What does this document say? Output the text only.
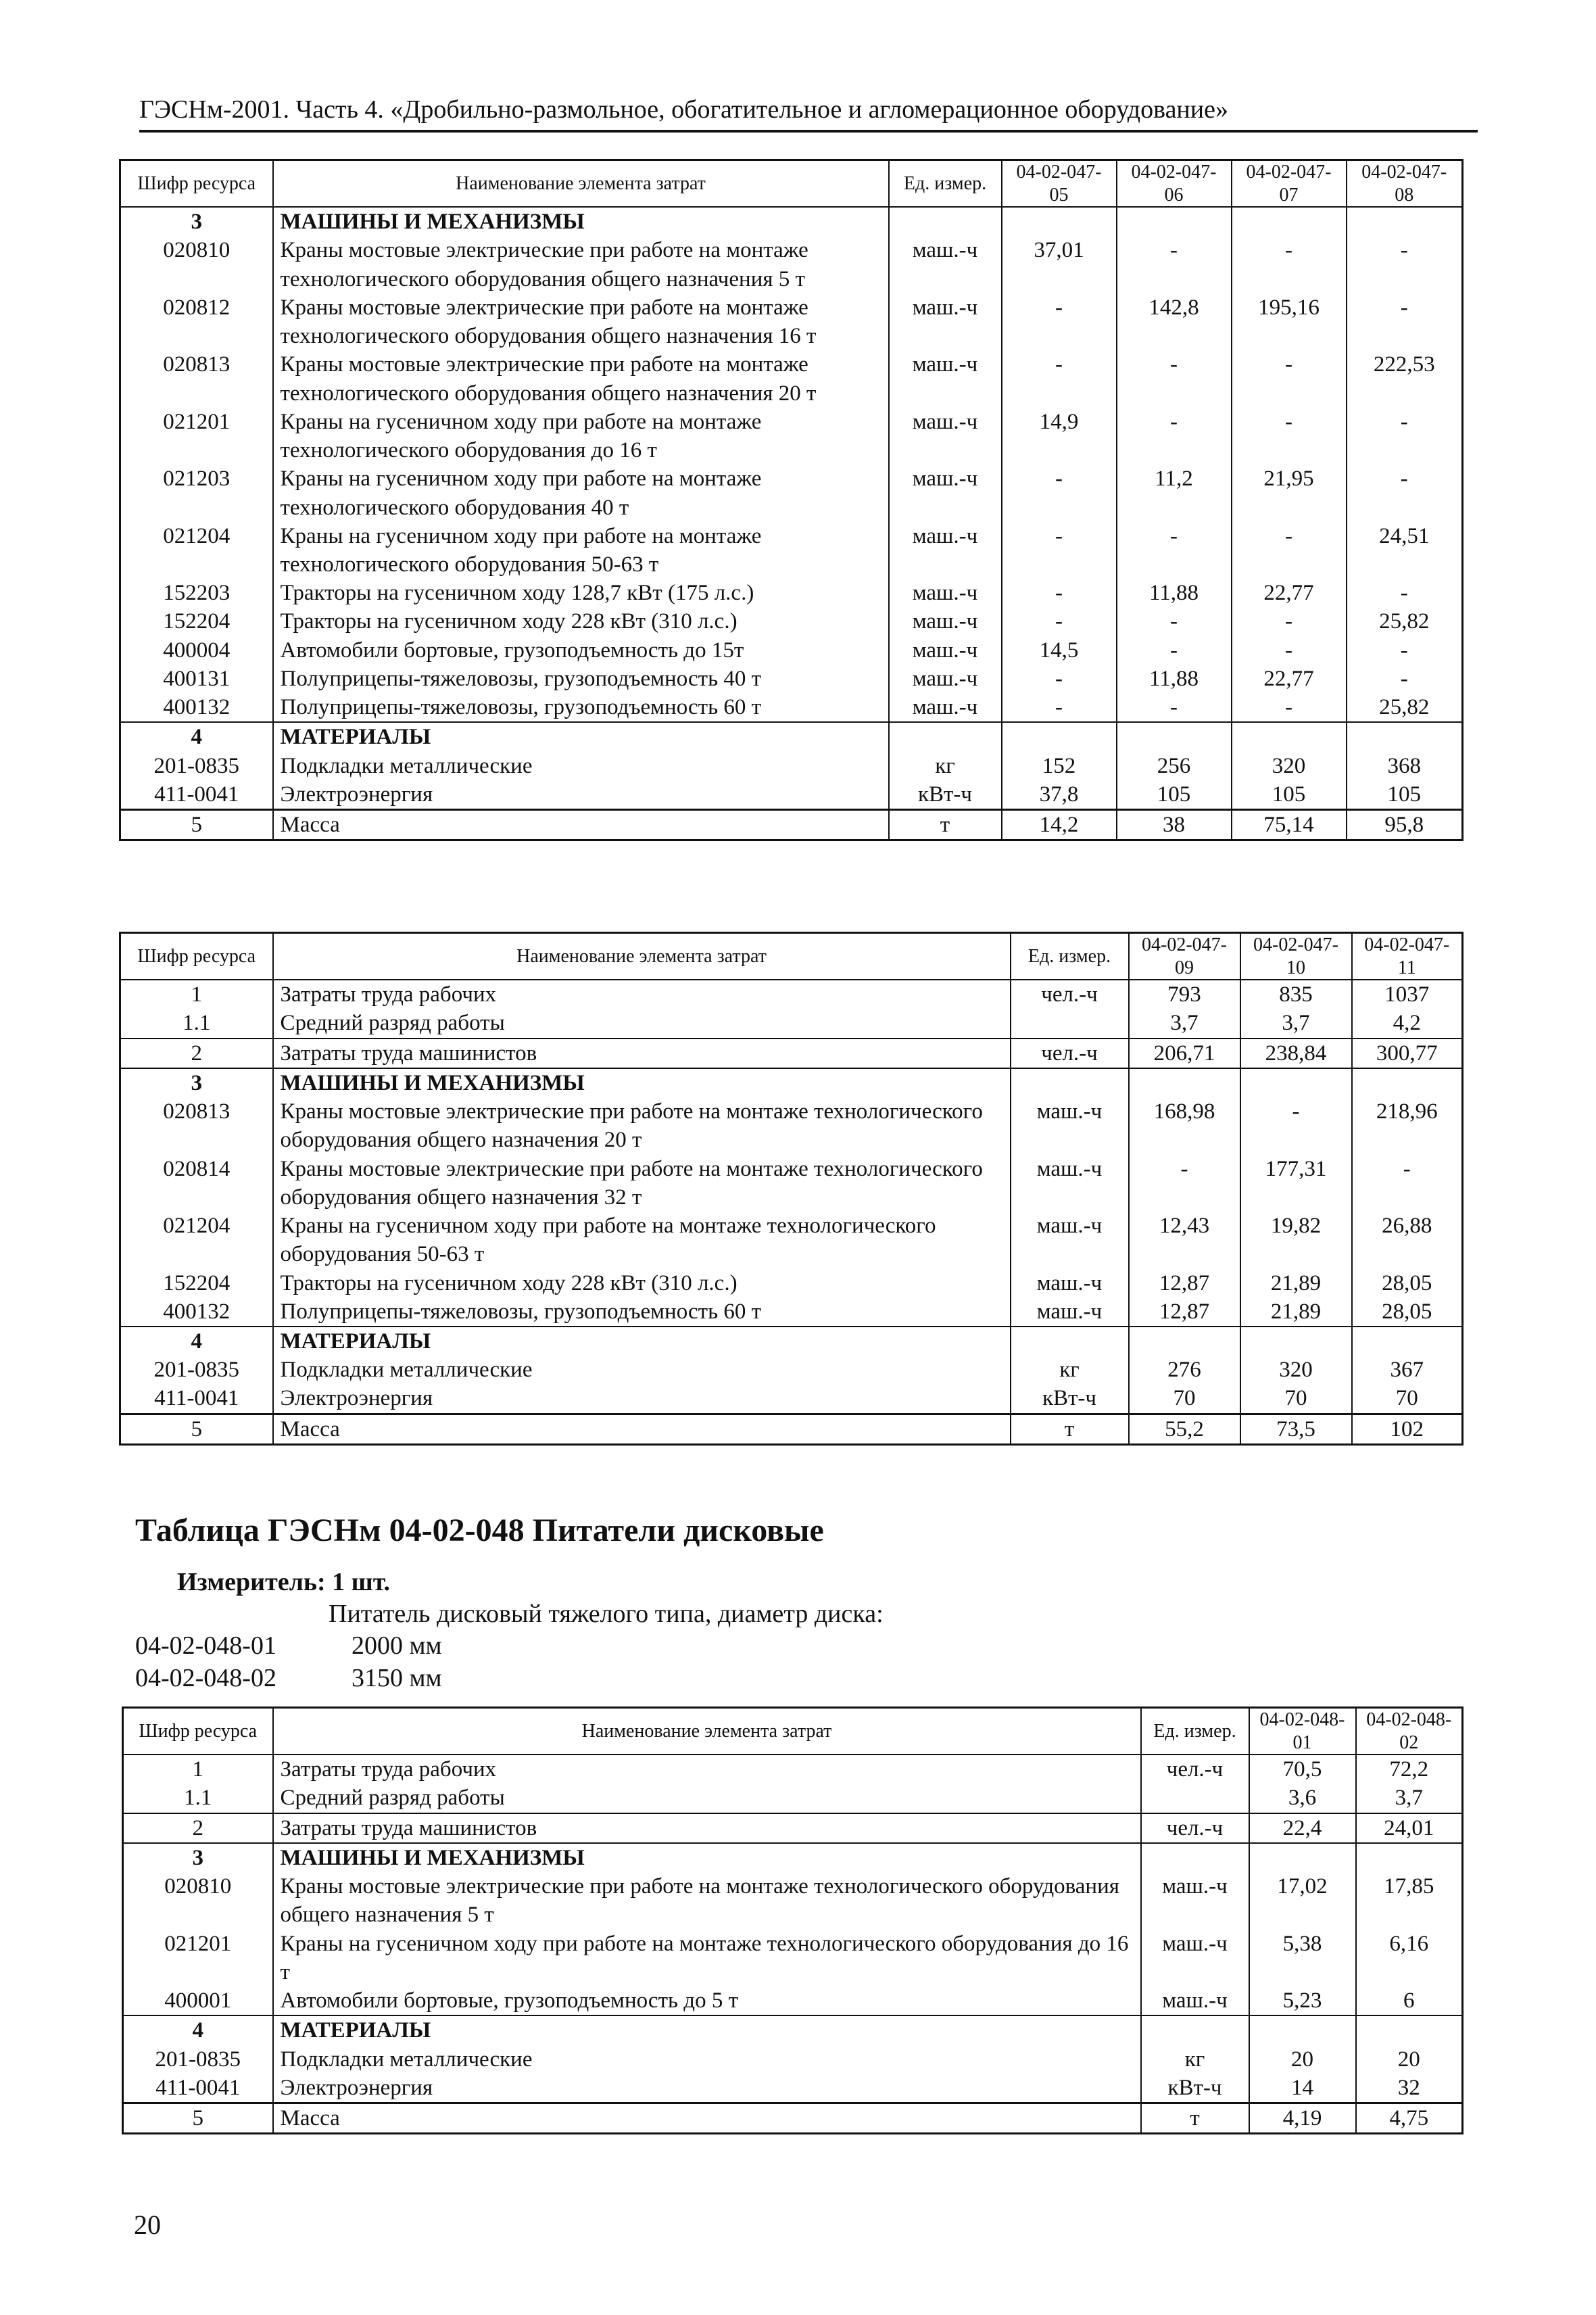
ГЭСНм-2001. Часть 4. «Дробильно-размольное, обогатительное и агломерационное оборудование»
Шифр ресурса	Наименование элемента затрат	Ед. измер.	04-02-047-05	04-02-047-06	04-02-047-07	04-02-047-08
3	МАШИНЫ И МЕХАНИЗМЫ					
020810	Краны мостовые электрические при работе на монтаже технологического оборудования общего назначения 5 т	маш.-ч	37,01	-	-	-
020812	Краны мостовые электрические при работе на монтаже технологического оборудования общего назначения 16 т	маш.-ч	-	142,8	195,16	-
020813	Краны мостовые электрические при работе на монтаже технологического оборудования общего назначения 20 т	маш.-ч	-	-	-	222,53
021201	Краны на гусеничном ходу при работе на монтаже технологического оборудования до 16 т	маш.-ч	14,9	-	-	-
021203	Краны на гусеничном ходу при работе на монтаже технологического оборудования 40 т	маш.-ч	-	11,2	21,95	-
021204	Краны на гусеничном ходу при работе на монтаже технологического оборудования 50-63 т	маш.-ч	-	-	-	24,51
152203	Тракторы на гусеничном ходу 128,7 кВт (175 л.с.)	маш.-ч	-	11,88	22,77	-
152204	Тракторы на гусеничном ходу 228 кВт (310 л.с.)	маш.-ч	-	-	-	25,82
400004	Автомобили бортовые, грузоподъемность до 15т	маш.-ч	14,5	-	-	-
400131	Полуприцепы-тяжеловозы, грузоподъемность 40 т	маш.-ч	-	11,88	22,77	-
400132	Полуприцепы-тяжеловозы, грузоподъемность 60 т	маш.-ч	-	-	-	25,82
4	МАТЕРИАЛЫ					
201-0835	Подкладки металлические	кг	152	256	320	368
411-0041	Электроэнергия	кВт-ч	37,8	105	105	105
5	Масса	т	14,2	38	75,14	95,8
Шифр ресурса	Наименование элемента затрат	Ед. измер.	04-02-047-09	04-02-047-10	04-02-047-11
1	Затраты труда рабочих	чел.-ч	793	835	1037
1.1	Средний разряд работы		3,7	3,7	4,2
2	Затраты труда машинистов	чел.-ч	206,71	238,84	300,77
3	МАШИНЫ И МЕХАНИЗМЫ				
020813	Краны мостовые электрические при работе на монтаже технологического оборудования общего назначения 20 т	маш.-ч	168,98	-	218,96
020814	Краны мостовые электрические при работе на монтаже технологического оборудования общего назначения 32 т	маш.-ч	-	177,31	-
021204	Краны на гусеничном ходу при работе на монтаже технологического оборудования 50-63 т	маш.-ч	12,43	19,82	26,88
152204	Тракторы на гусеничном ходу 228 кВт (310 л.с.)	маш.-ч	12,87	21,89	28,05
400132	Полуприцепы-тяжеловозы, грузоподъемность 60 т	маш.-ч	12,87	21,89	28,05
4	МАТЕРИАЛЫ				
201-0835	Подкладки металлические	кг	276	320	367
411-0041	Электроэнергия	кВт-ч	70	70	70
5	Масса	т	55,2	73,5	102
Таблица ГЭСНм 04-02-048 Питатели дисковые
Измеритель: 1 шт.
Питатель дисковый тяжелого типа, диаметр диска:
04-02-048-01	2000 мм
04-02-048-02	3150 мм
Шифр ресурса	Наименование элемента затрат	Ед. измер.	04-02-048-01	04-02-048-02
1	Затраты труда рабочих	чел.-ч	70,5	72,2
1.1	Средний разряд работы		3,6	3,7
2	Затраты труда машинистов	чел.-ч	22,4	24,01
3	МАШИНЫ И МЕХАНИЗМЫ			
020810	Краны мостовые электрические при работе на монтаже технологического оборудования общего назначения 5 т	маш.-ч	17,02	17,85
021201	Краны на гусеничном ходу при работе на монтаже технологического оборудования до 16 т	маш.-ч	5,38	6,16
400001	Автомобили бортовые, грузоподъемность до 5 т	маш.-ч	5,23	6
4	МАТЕРИАЛЫ			
201-0835	Подкладки металлические	кг	20	20
411-0041	Электроэнергия	кВт-ч	14	32
5	Масса	т	4,19	4,75
20
